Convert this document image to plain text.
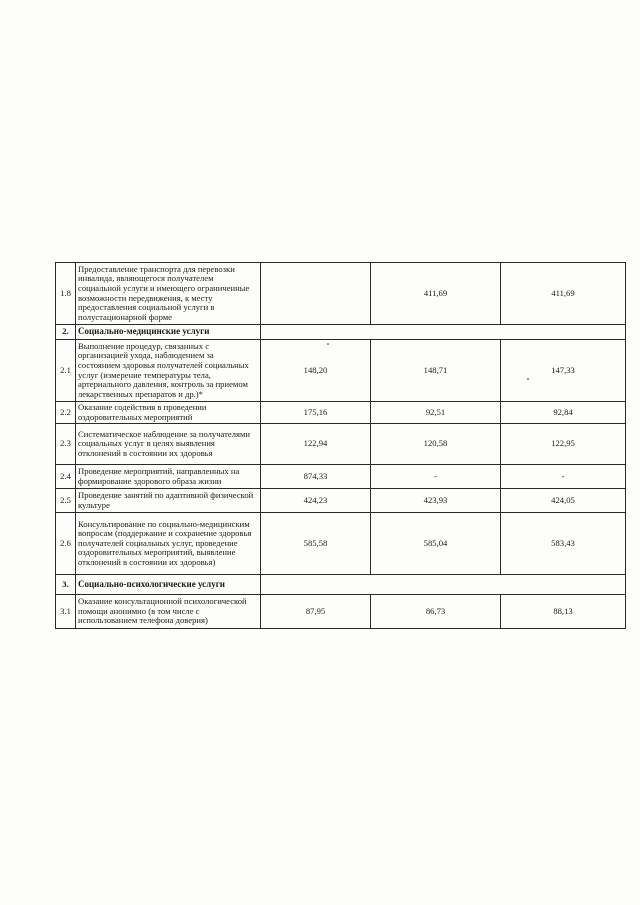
1.8	Предоставление транспорта для перевозки инвалида, являющегося получателем социальной услуги и имеющего ограниченные возможности передвижения, к месту предоставления социальной услуги в полустационарной форме		411,69	411,69
2.	Социально-медицинские услуги			
2.1	Выполнение процедур, связанных с организацией ухода, наблюдением за состоянием здоровья получателей социальных услуг (измерение температуры тела, артериального давления, контроль за приемом лекарственных препаратов и др.)*	148,20	148,71	147,33
2.2	Оказание содействия в проведении оздоровительных мероприятий	175,16	92,51	92,84
2.3	Систематическое наблюдение за получателями социальных услуг в целях выявления отклонений в состоянии их здоровья	122,94	120,58	122,95
2.4	Проведение мероприятий, направленных на формирование здорового образа жизни	874,33	-	-
2.5	Проведение занятий по адаптивной физической культуре	424,23	423,93	424,05
2.6	Консультирование по социально-медицинским вопросам (поддержание и сохранение здоровья получателей социальных услуг, проведение оздоровительных мероприятий, выявление отклонений в состоянии их здоровья)	585,58	585,04	583,43
3.	Социально-психологические услуги			
3.1	Оказание консультационной психологической помощи анонимно (в том числе с использованием телефона доверия)	87,95	86,73	88,13
